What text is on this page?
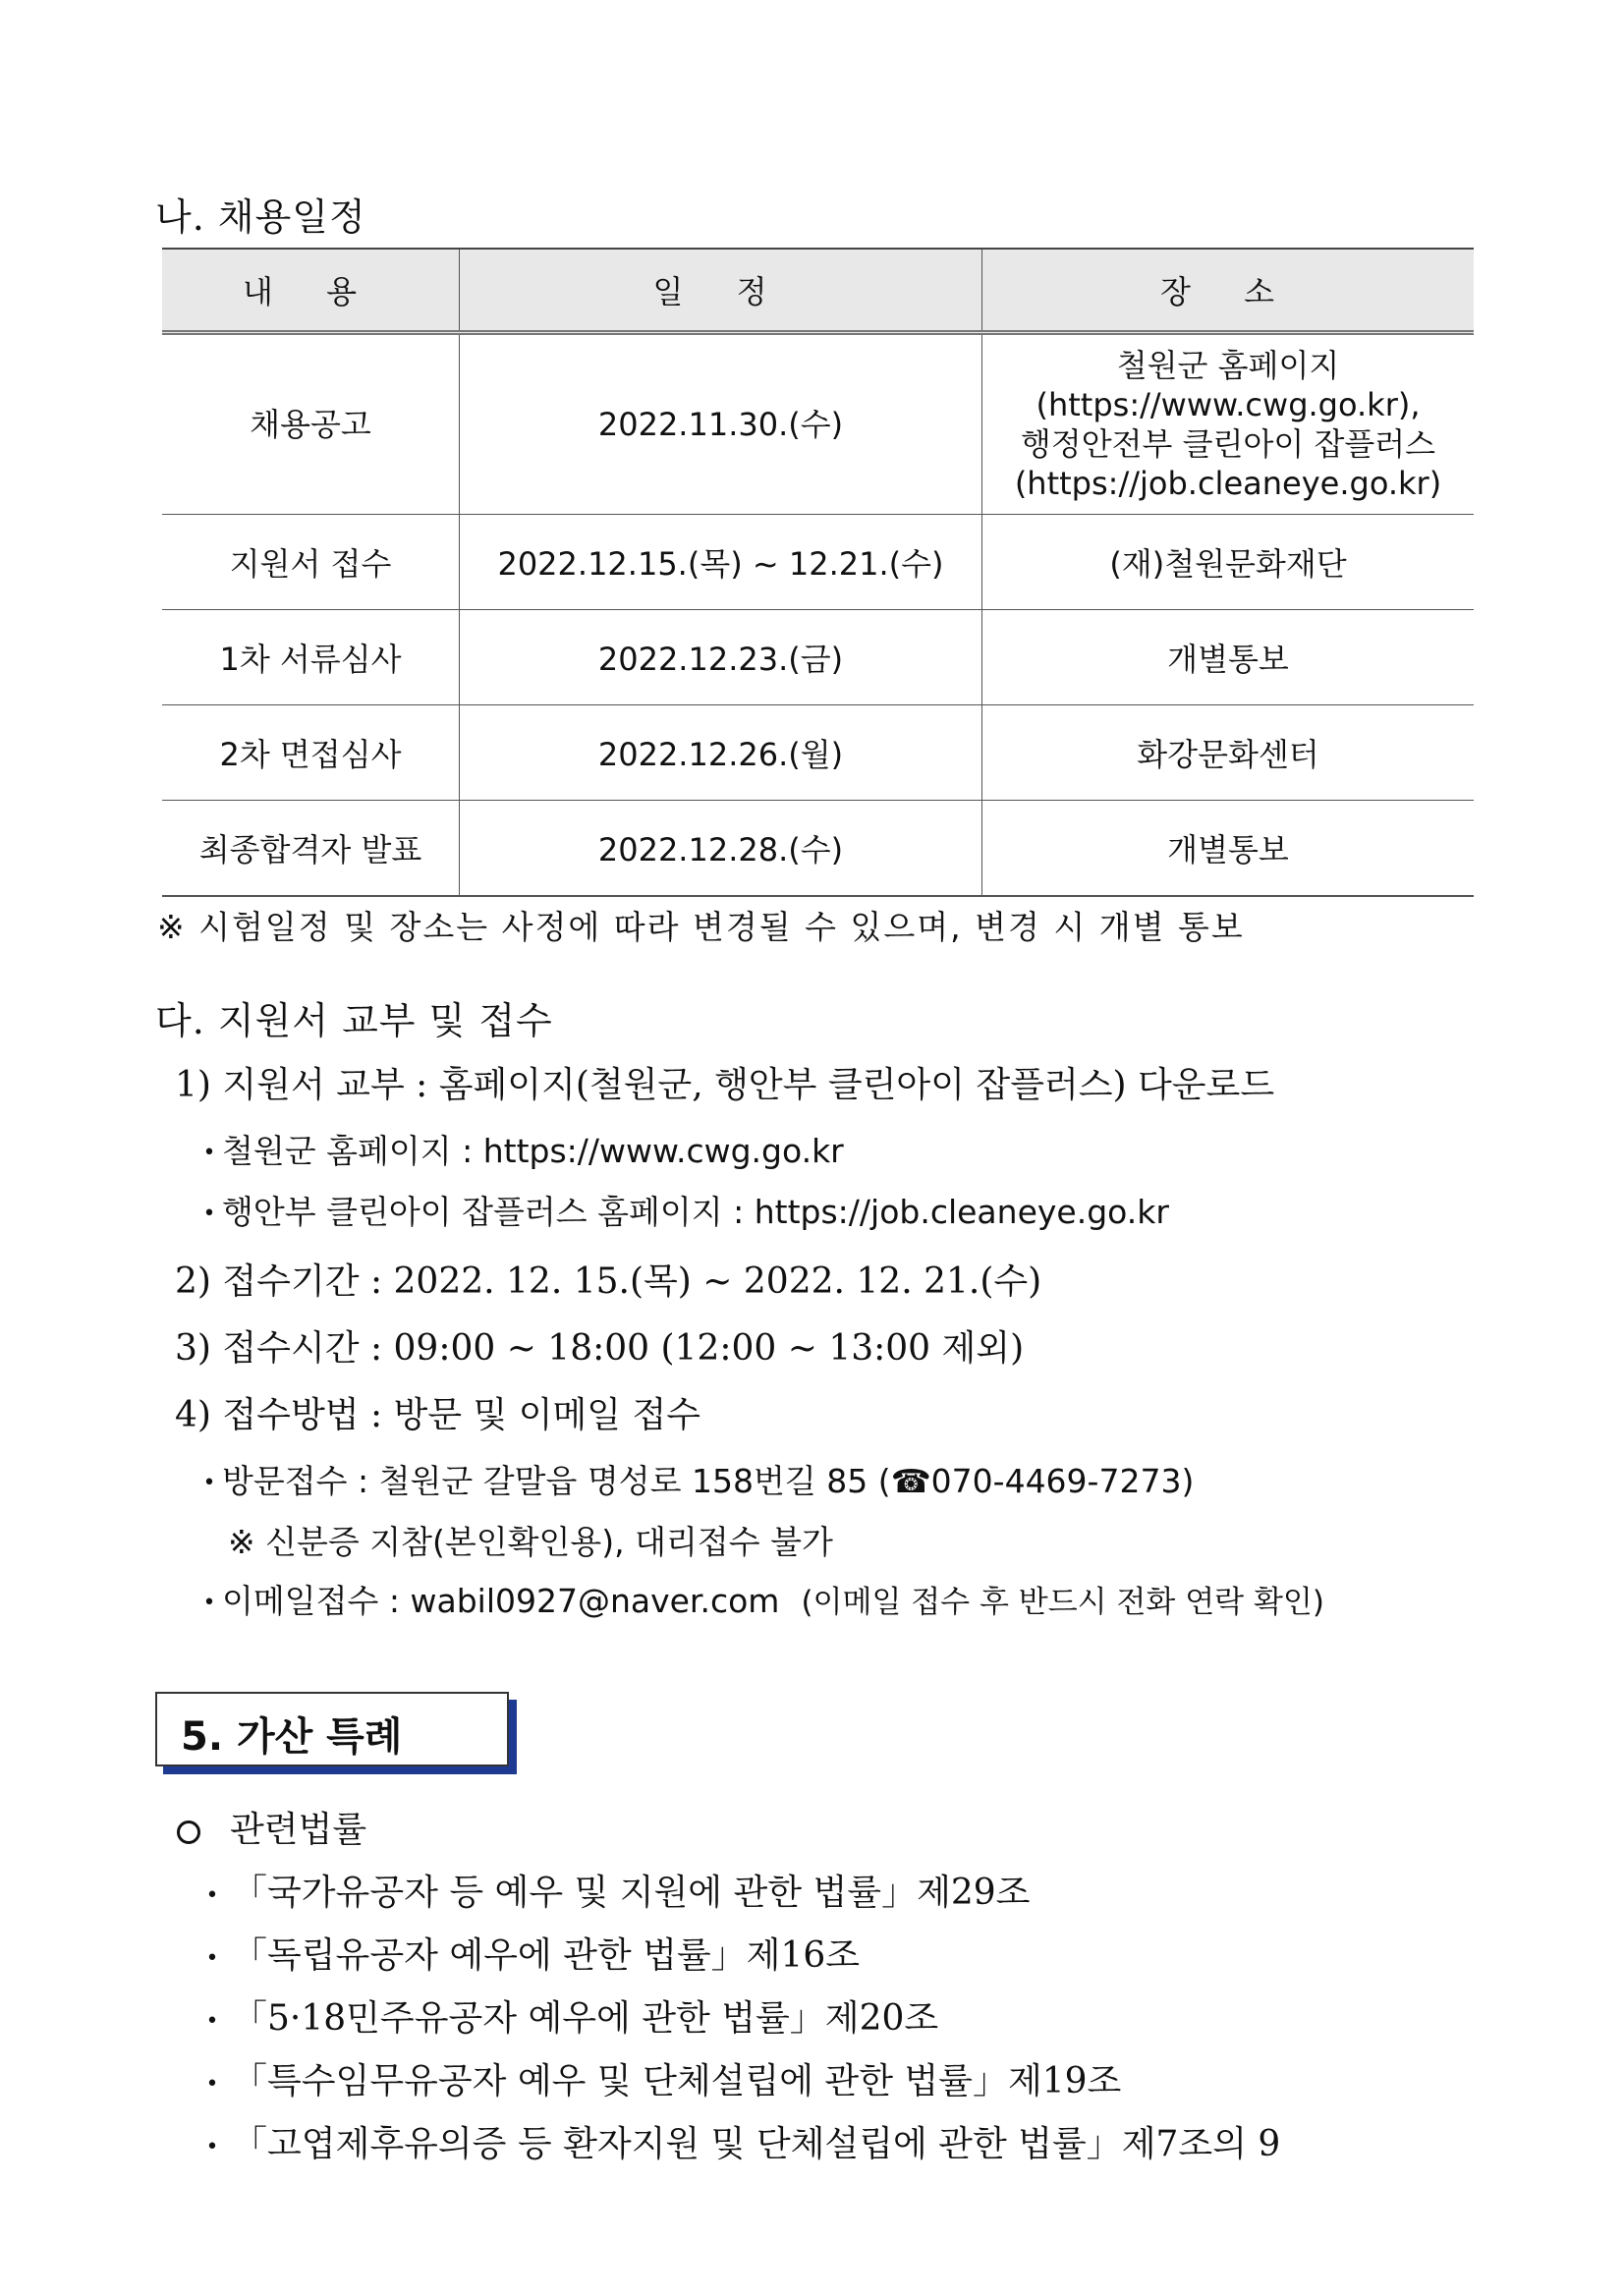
나. 채용일정
내 용	일 정	장 소
채용공고	2022.11.30.(수)	철원군 홈페이지
(https://www.cwg.go.kr),
행정안전부 클린아이 잡플러스
(https://job.cleaneye.go.kr)

지원서 접수	2022.12.15.(목) ~ 12.21.(수)	(재)철원문화재단
1차 서류심사	2022.12.23.(금)	개별통보
2차 면접심사	2022.12.26.(월)	화강문화센터
최종합격자 발표	2022.12.28.(수)	개별통보
※ 시험일정 및 장소는 사정에 따라 변경될 수 있으며, 변경 시 개별 통보
다. 지원서 교부 및 접수
1) 지원서 교부 : 홈페이지(철원군, 행안부 클린아이 잡플러스) 다운로드
• 철원군 홈페이지 : https://www.cwg.go.kr
• 행안부 클린아이 잡플러스 홈페이지 : https://job.cleaneye.go.kr
2) 접수기간 : 2022. 12. 15.(목) ~ 2022. 12. 21.(수)
3) 접수시간 : 09:00 ~ 18:00 (12:00 ~ 13:00 제외)
4) 접수방법 : 방문 및 이메일 접수
• 방문접수 : 철원군 갈말읍 명성로 158번길 85 (☎070-4469-7273)
※ 신분증 지참(본인확인용), 대리접수 불가
• 이메일접수 : wabil0927@naver.com (이메일 접수 후 반드시 전화 연락 확인)
5. 가산 특례
관련법률
• 「국가유공자 등 예우 및 지원에 관한 법률」제29조
• 「독립유공자 예우에 관한 법률」제16조
• 「5·18민주유공자 예우에 관한 법률」제20조
• 「특수임무유공자 예우 및 단체설립에 관한 법률」제19조
• 「고엽제후유의증 등 환자지원 및 단체설립에 관한 법률」제7조의 9
